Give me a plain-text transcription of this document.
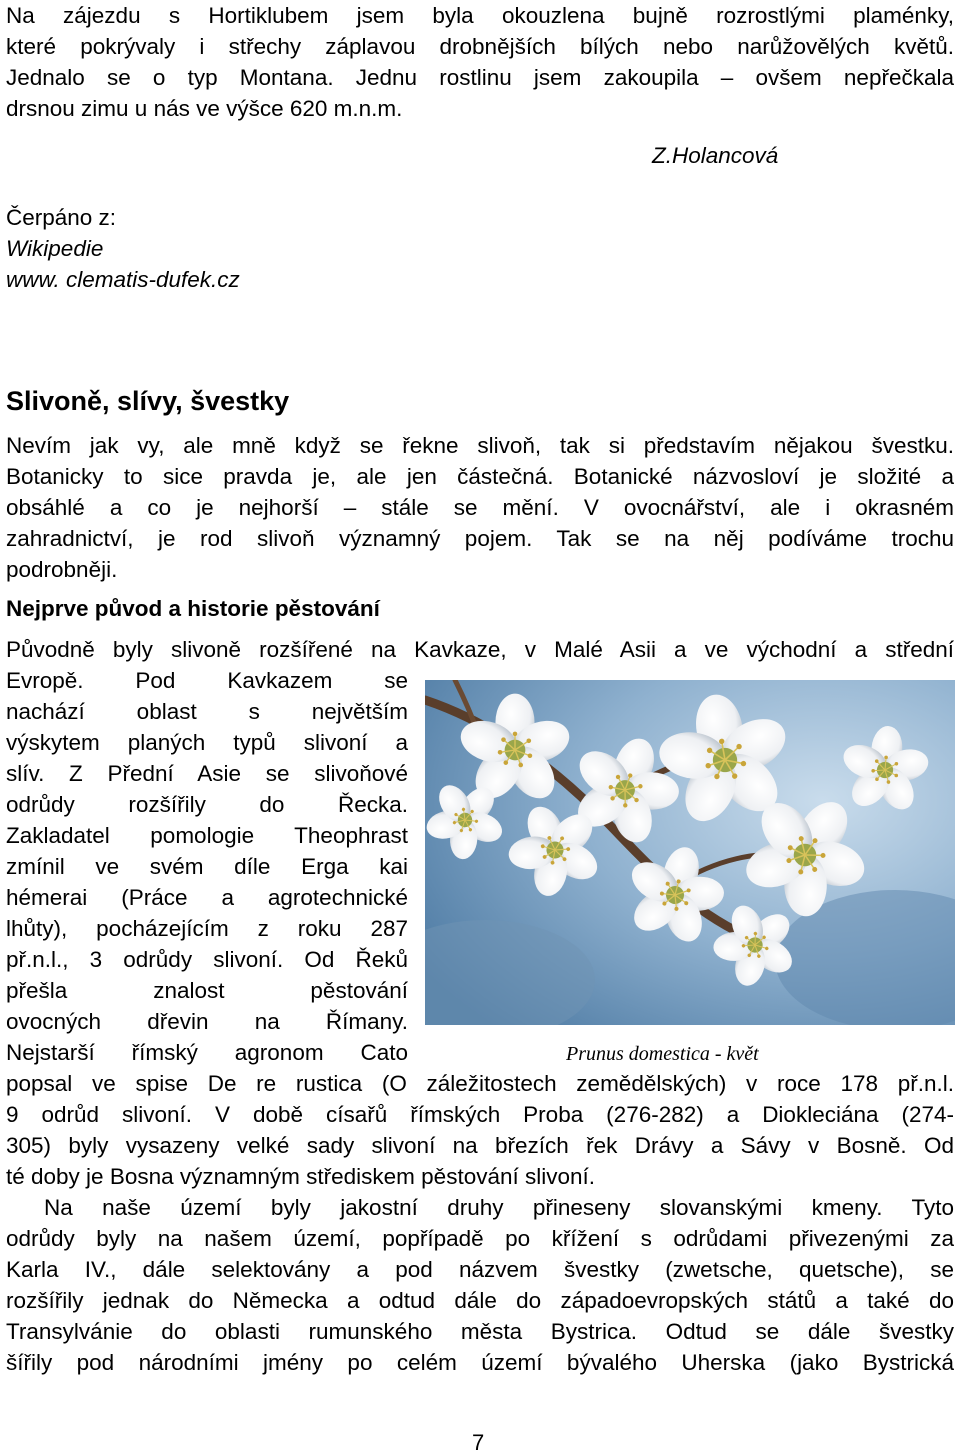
Na zájezdu s Hortiklubem jsem byla okouzlena bujně rozrostlými plaménky,
které pokrývaly i střechy záplavou drobnějších bílých nebo narůžovělých květů.
Jednalo se o typ Montana. Jednu rostlinu jsem zakoupila – ovšem nepřečkala
drsnou zimu u nás ve výšce 620 m.n.m.
Z.Holancová
Čerpáno z:
Wikipedie
www. clematis-dufek.cz
Slivoně, slívy, švestky
Nevím jak vy, ale mně když se řekne slivoň, tak si představím nějakou švestku.
Botanicky to sice pravda je, ale jen částečná. Botanické názvosloví je složité a
obsáhlé a co je nejhorší – stále se mění. V ovocnářství, ale i okrasném
zahradnictví, je rod slivoň významný pojem. Tak se na něj podíváme trochu
podrobněji.
Nejprve původ a historie pěstování
Původně byly slivoně rozšířené na Kavkaze, v Malé Asii a ve východní a střední
Evropě. Pod Kavkazem se
nachází oblast s největším
výskytem planých typů slivoní a
slív. Z Přední Asie se slivoňové
odrůdy rozšířily do Řecka.
Zakladatel pomologie Theophrast
zmínil ve svém díle Erga kai
hémerai (Práce a agrotechnické
lhůty), pocházejícím z roku 287
př.n.l., 3 odrůdy slivoní. Od Řeků
přešla znalost pěstování
ovocných dřevin na Římany.
Nejstarší římský agronom Cato	Prunus domestica - květ
popsal ve spise De re rustica (O záležitostech zemědělských) v roce 178 př.n.l.
9 odrůd slivoní. V době císařů římských Proba (276-282) a Diokleciána (274-
305) byly vysazeny velké sady slivoní na březích řek Drávy a Sávy v Bosně. Od
té doby je Bosna významným střediskem pěstování slivoní.
Na naše území byly jakostní druhy přineseny slovanskými kmeny. Tyto
odrůdy byly na našem území, popřípadě po křížení s odrůdami přivezenými za
Karla IV., dále selektovány a pod názvem švestky (zwetsche, quetsche), se
rozšířily jednak do Německa a odtud dále do západoevropských států a také do
Transylvánie do oblasti rumunského města Bystrica. Odtud se dále švestky
šířily pod národními jmény po celém území bývalého Uherska (jako Bystrická
7
